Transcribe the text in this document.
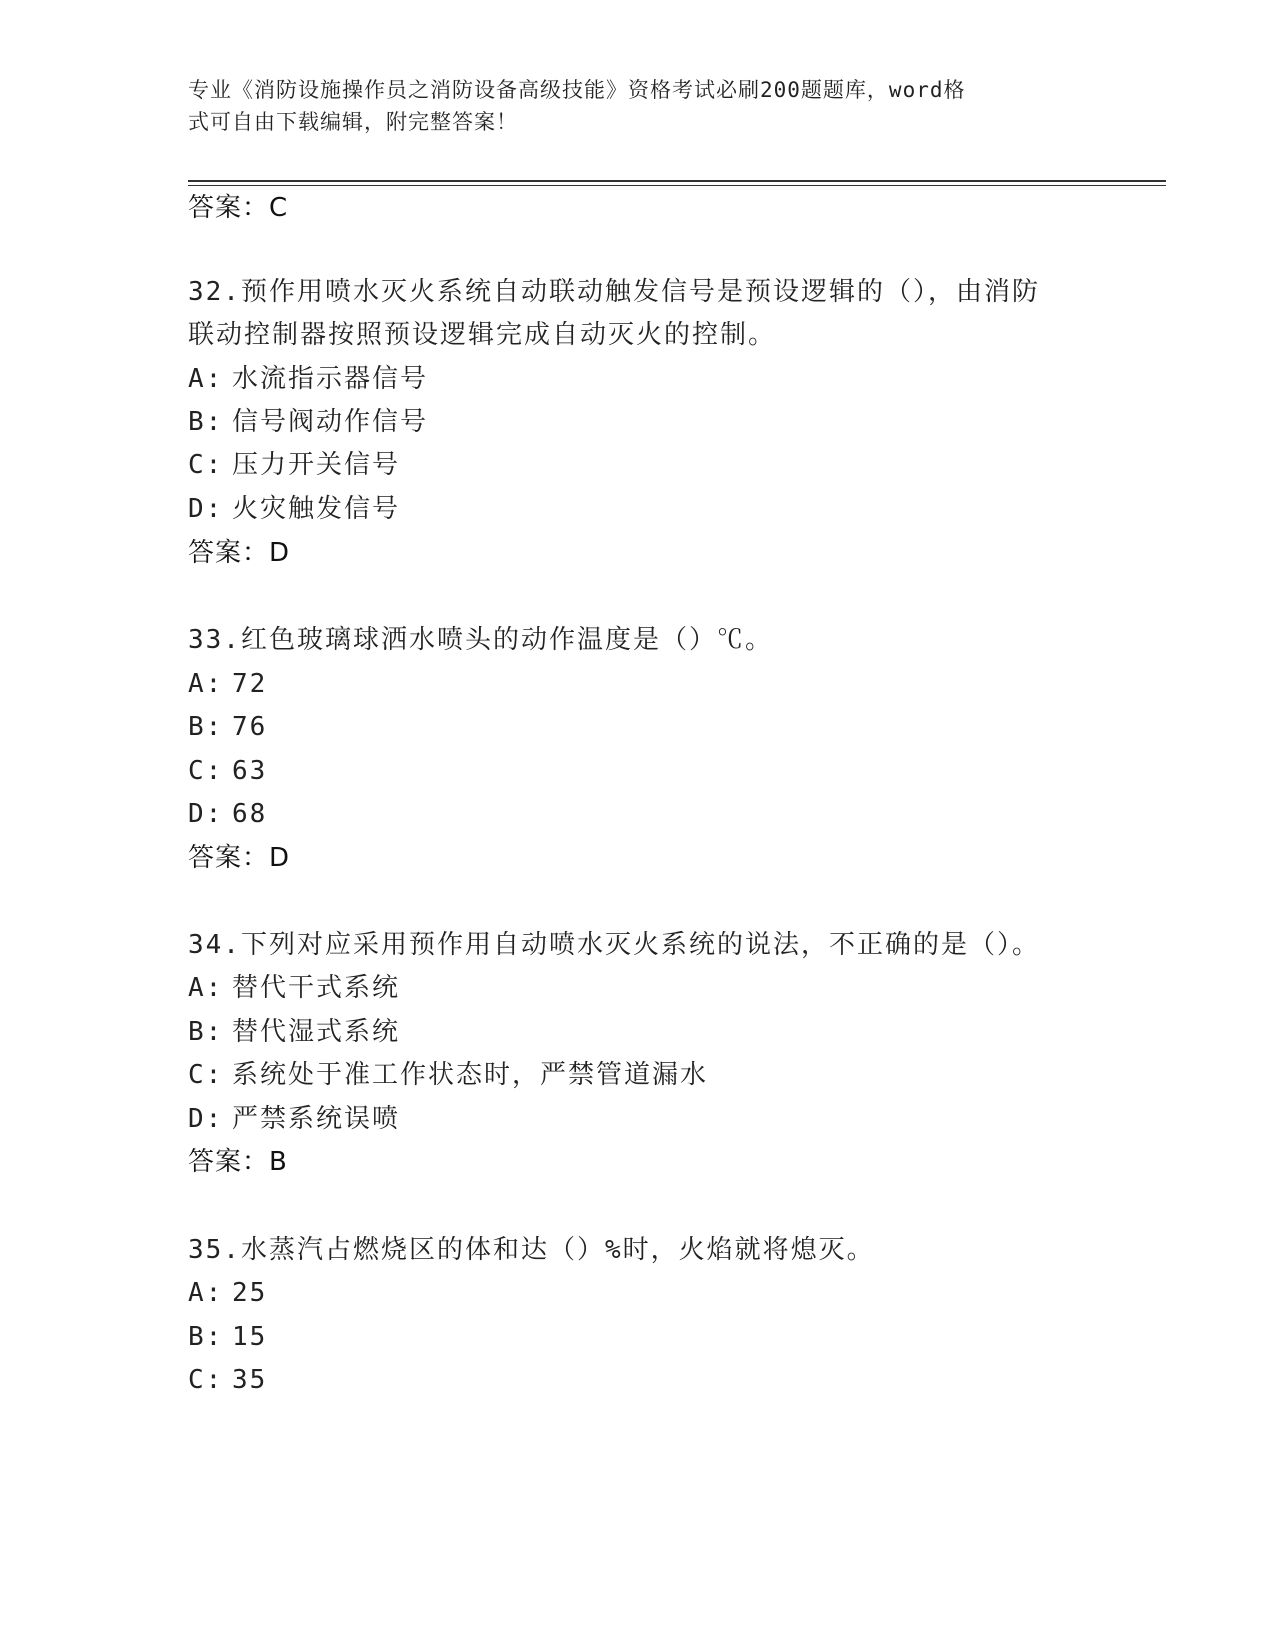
专业《消防设施操作员之消防设备高级技能》资格考试必刷200题题库，word格
式可自由下载编辑，附完整答案！
答案：C
32.预作用喷水灭火系统自动联动触发信号是预设逻辑的（），由消防
联动控制器按照预设逻辑完成自动灭火的控制。
A: 水流指示器信号
B: 信号阀动作信号
C: 压力开关信号
D: 火灾触发信号
答案：D
33.红色玻璃球洒水喷头的动作温度是（）℃。
A: 72
B: 76
C: 63
D: 68
答案：D
34.下列对应采用预作用自动喷水灭火系统的说法，不正确的是（）。
A: 替代干式系统
B: 替代湿式系统
C: 系统处于准工作状态时，严禁管道漏水
D: 严禁系统误喷
答案：B
35.水蒸汽占燃烧区的体和达（）%时，火焰就将熄灭。
A: 25
B: 15
C: 35
